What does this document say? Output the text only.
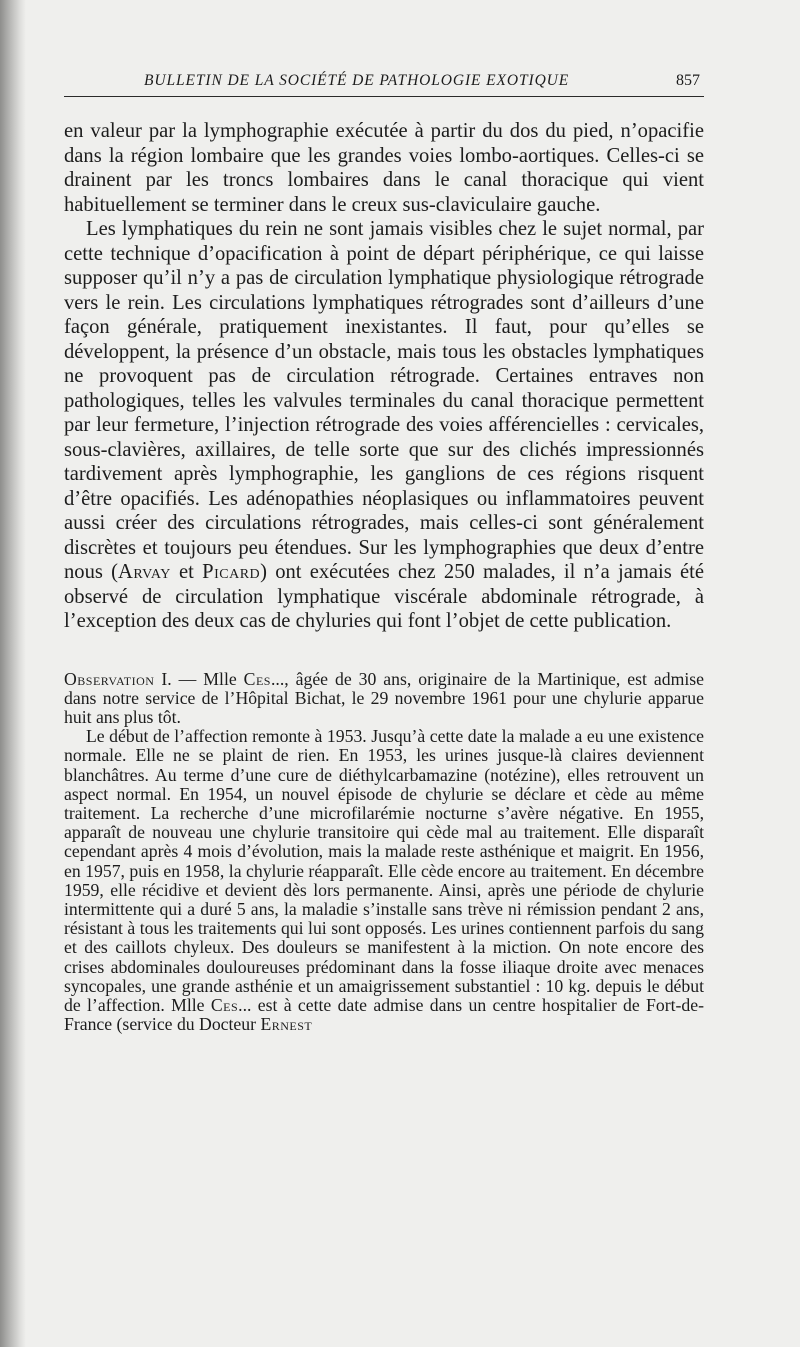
BULLETIN DE LA SOCIÉTÉ DE PATHOLOGIE EXOTIQUE	857

en valeur par la lymphographie exécutée à partir du dos du pied, n’opacifie dans la région lombaire que les grandes voies lombo-aortiques. Celles-ci se drainent par les troncs lombaires dans le canal thoracique qui vient habituellement se terminer dans le creux sus-claviculaire gauche.

Les lymphatiques du rein ne sont jamais visibles chez le sujet normal, par cette technique d’opacification à point de départ périphérique, ce qui laisse supposer qu’il n’y a pas de circulation lymphatique physiologique rétrograde vers le rein. Les circulations lymphatiques rétrogrades sont d’ailleurs d’une façon générale, pratiquement inexistantes. Il faut, pour qu’elles se développent, la présence d’un obstacle, mais tous les obstacles lymphatiques ne provoquent pas de circulation rétrograde. Certaines entraves non pathologiques, telles les valvules terminales du canal thoracique permettent par leur fermeture, l’injection rétrograde des voies afférencielles : cervicales, sous-clavières, axillaires, de telle sorte que sur des clichés impressionnés tardivement après lymphographie, les ganglions de ces régions risquent d’être opacifiés. Les adénopathies néoplasiques ou inflammatoires peuvent aussi créer des circulations rétrogrades, mais celles-ci sont généralement discrètes et toujours peu étendues. Sur les lymphographies que deux d’entre nous (Arvay et Picard) ont exécutées chez 250 malades, il n’a jamais été observé de circulation lymphatique viscérale abdominale rétrograde, à l’exception des deux cas de chyluries qui font l’objet de cette publication.

Observation I. — Mlle Ces..., âgée de 30 ans, originaire de la Martinique, est admise dans notre service de l’Hôpital Bichat, le 29 novembre 1961 pour une chylurie apparue huit ans plus tôt.

Le début de l’affection remonte à 1953. Jusqu’à cette date la malade a eu une existence normale. Elle ne se plaint de rien. En 1953, les urines jusque-là claires deviennent blanchâtres. Au terme d’une cure de diéthylcarbamazine (notézine), elles retrouvent un aspect normal. En 1954, un nouvel épisode de chylurie se déclare et cède au même traitement. La recherche d’une microfilarémie nocturne s’avère négative. En 1955, apparaît de nouveau une chylurie transitoire qui cède mal au traitement. Elle disparaît cependant après 4 mois d’évolution, mais la malade reste asthénique et maigrit. En 1956, en 1957, puis en 1958, la chylurie réapparaît. Elle cède encore au traitement. En décembre 1959, elle récidive et devient dès lors permanente. Ainsi, après une période de chylurie intermittente qui a duré 5 ans, la maladie s’installe sans trève ni rémission pendant 2 ans, résistant à tous les traitements qui lui sont opposés. Les urines contiennent parfois du sang et des caillots chyleux. Des douleurs se manifestent à la miction. On note encore des crises abdominales douloureuses prédominant dans la fosse iliaque droite avec menaces syncopales, une grande asthénie et un amaigrissement substantiel : 10 kg. depuis le début de l’affection. Mlle Ces... est à cette date admise dans un centre hospitalier de Fort-de-France (service du Docteur Ernest
